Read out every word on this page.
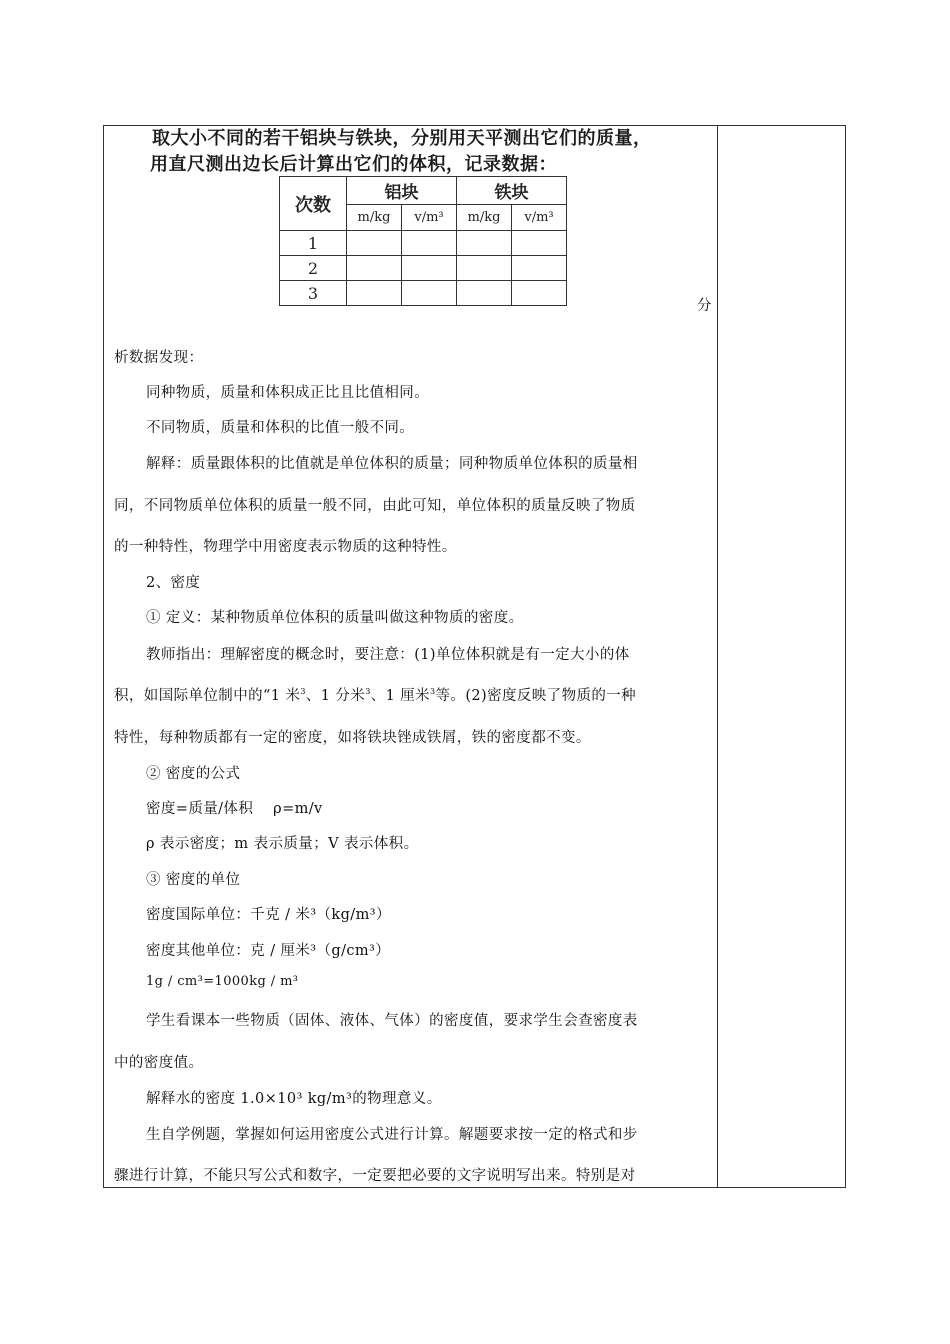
取大小不同的若干铝块与铁块，分别用天平测出它们的质量，
用直尺测出边长后计算出它们的体积，记录数据：
次数	铝块		铁块	
	m/kg	v/m³	m/kg	v/m³
1				
2				
3				
分
析数据发现：
同种物质，质量和体积成正比且比值相同。
不同物质，质量和体积的比值一般不同。
解释：质量跟体积的比值就是单位体积的质量；同种物质单位体积的质量相
同，不同物质单位体积的质量一般不同，由此可知，单位体积的质量反映了物质
的一种特性，物理学中用密度表示物质的这种特性。
2、密度
① 定义：某种物质单位体积的质量叫做这种物质的密度。
教师指出：理解密度的概念时，要注意：(1)单位体积就是有一定大小的体
积，如国际单位制中的“1 米$^3$、1 分米$^3$、1 厘米$^3$等。(2)密度反映了物质的一种
特性，每种物质都有一定的密度，如将铁块锉成铁屑，铁的密度都不变。
② 密度的公式
密度=质量/体积　 ρ=m/v
ρ 表示密度；m 表示质量；V 表示体积。
③ 密度的单位
密度国际单位：千克 / 米³（kg/m³）
密度其他单位：克 / 厘米³（g/cm³）
1g / cm³=1000kg / m³
学生看课本一些物质（固体、液体、气体）的密度值，要求学生会查密度表
中的密度值。
解释水的密度 1.0×10³ kg/m³的物理意义。
生自学例题，掌握如何运用密度公式进行计算。解题要求按一定的格式和步
骤进行计算，不能只写公式和数字，一定要把必要的文字说明写出来。特别是对
